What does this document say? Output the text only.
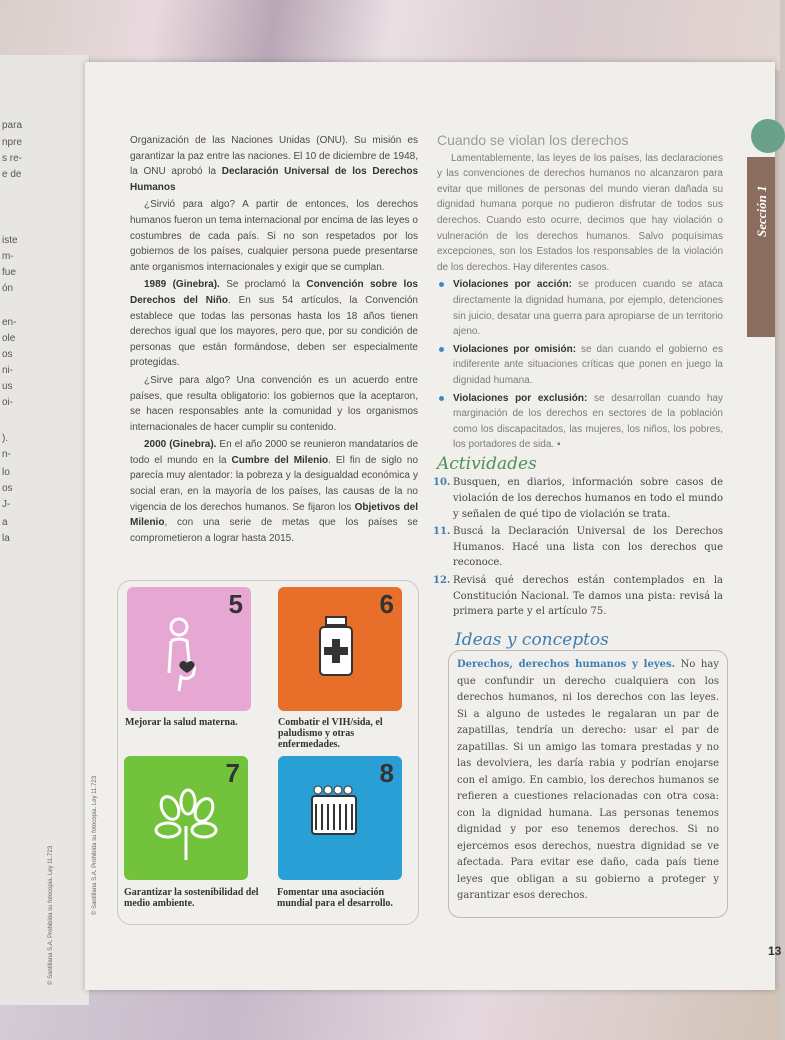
para
npre
s re-
e de
iste
m-
fue
ón
en-
ole
os
ni-
us
oi-
).
n-
lo
os
J-
a
la
© Santillana S.A. Prohibida su fotocopia. Ley 11.723
Sección 1

Organización de las Naciones Unidas (ONU). Su misión es garantizar la paz entre las naciones. El 10 de diciembre de 1948, la ONU aprobó la Declaración Universal de los Derechos Humanos

¿Sirvió para algo? A partir de entonces, los derechos humanos fueron un tema internacional por encima de las leyes o costumbres de cada país. Si no son respetados por los gobiernos de los países, cualquier persona puede presentarse ante organismos internacionales y exigir que se cumplan.

1989 (Ginebra). Se proclamó la Convención sobre los Derechos del Niño. En sus 54 artículos, la Convención establece que todas las personas hasta los 18 años tienen derechos igual que los mayores, pero que, por su condición de personas que están formándose, deben ser especialmente protegidas.

¿Sirve para algo? Una convención es un acuerdo entre países, que resulta obligatorio: los gobiernos que la aceptaron, se hacen responsables ante la comunidad y los organismos internacionales de hacer cumplir su contenido.

2000 (Ginebra). En el año 2000 se reunieron mandatarios de todo el mundo en la Cumbre del Milenio. El fin de siglo no parecía muy alentador: la pobreza y la desigualdad económica y social eran, en la mayoría de los países, las causas de la no vigencia de los derechos humanos. Se fijaron los Objetivos del Milenio, con una serie de metas que los países se comprometieron a lograr hasta 2015.

Cuando se violan los derechos

Lamentablemente, las leyes de los países, las declaraciones y las convenciones de derechos humanos no alcanzaron para evitar que millones de personas del mundo vieran dañada su dignidad humana porque no pudieron disfrutar de todos sus derechos. Cuando esto ocurre, decimos que hay violación o vulneración de los derechos humanos. Salvo poquísimas excepciones, son los Estados los responsables de la violación de los derechos. Hay diferentes casos.

Violaciones por acción: se producen cuando se ataca directamente la dignidad humana, por ejemplo, detenciones sin juicio, desatar una guerra para apropiarse de un territorio ajeno.
Violaciones por omisión: se dan cuando el gobierno es indiferente ante situaciones críticas que ponen en juego la dignidad humana.
Violaciones por exclusión: se desarrollan cuando hay marginación de los derechos en sectores de la población como los discapacitados, las mujeres, los niños, los pobres, los portadores de sida. ▪
Actividades
10. Busquen, en diarios, información sobre casos de violación de los derechos humanos en todo el mundo y señalen de qué tipo de violación se trata.
11. Buscá la Declaración Universal de los Derechos Humanos. Hacé una lista con los derechos que reconoce.
12. Revisá qué derechos están contemplados en la Constitución Nacional. Te damos una pista: revisá la primera parte y el artículo 75.

Derechos, derechos humanos y leyes. No hay que confundir un derecho cualquiera con los derechos humanos, ni los derechos con las leyes. Si a alguno de ustedes le regalaran un par de zapatillas, tendría un derecho: usar el par de zapatillas. Si un amigo las tomara prestadas y no las devolviera, les daría rabia y podrían enojarse con el amigo. En cambio, los derechos humanos se refieren a cuestiones relacionadas con otra cosa: con la dignidad humana. Las personas tenemos dignidad y por eso tenemos derechos. Si no ejercemos esos derechos, nuestra dignidad se ve afectada. Para evitar ese daño, cada país tiene leyes que obligan a su gobierno a proteger y garantizar esos derechos.

Ideas y conceptos
5	6
7	8
Mejorar la salud materna.	Combatir el VIH/sida, el paludismo y otras enfermedades.
Garantizar la sostenibilidad del medio ambiente.
Fomentar una asociación mundial para el desarrollo.
© Santillana S.A. Prohibida su fotocopia. Ley 11.723
13
